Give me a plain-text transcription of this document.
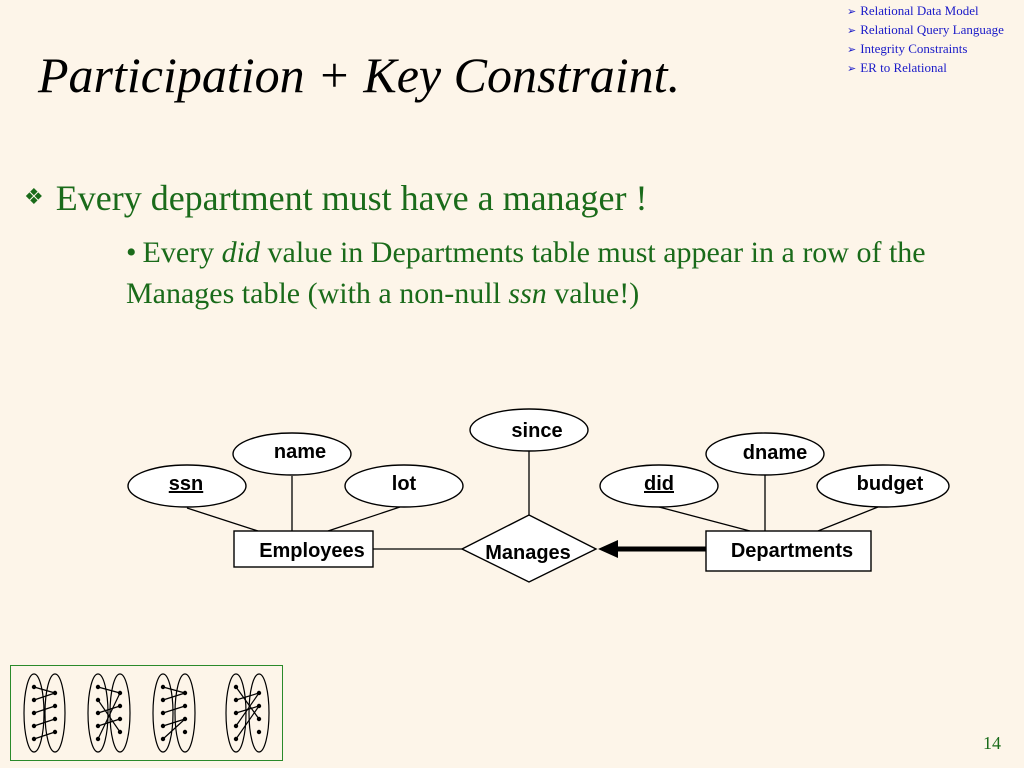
Participation + Key Constraint.
➢ Relational Data Model
➢ Relational Query Language
➢ Integrity Constraints
➢ ER to Relational
❖ Every department must have a manager !
• Every did value in Departments table must appear in a row of the Manages table (with a non-null ssn value!)
ssn
name
lot
since
did
dname
budget
Employees	Departments
Manages
14
